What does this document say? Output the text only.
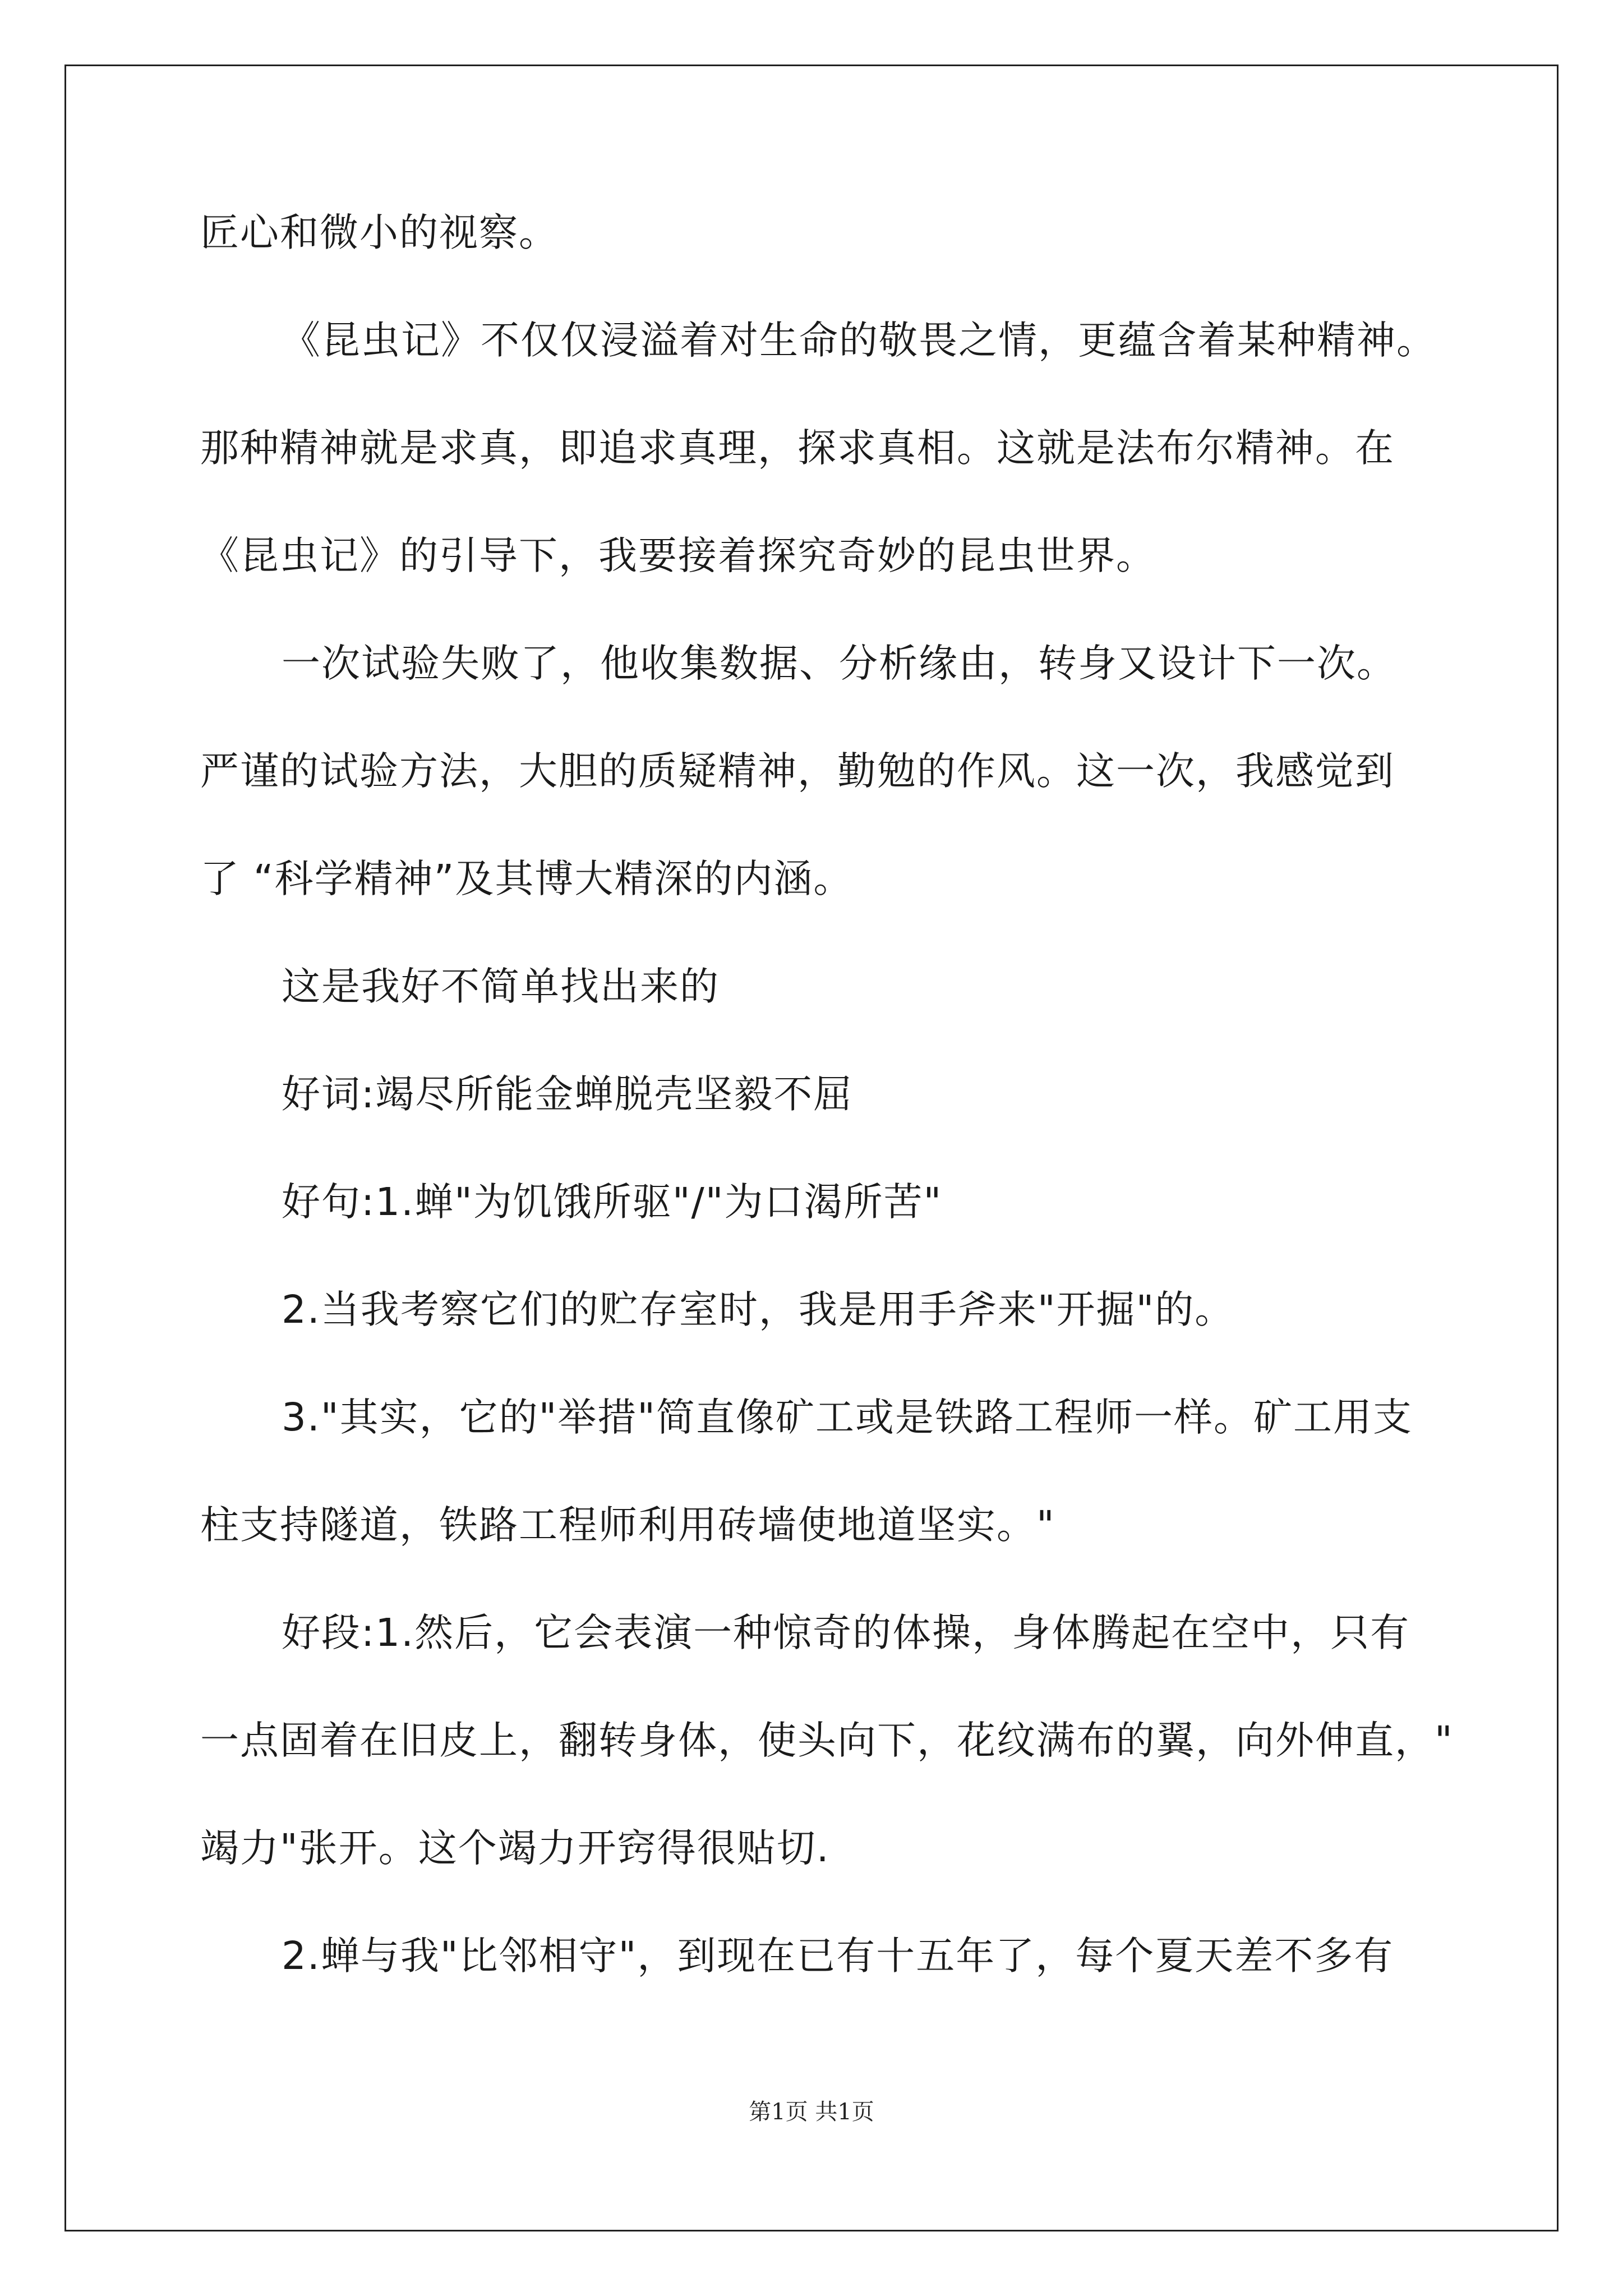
匠心和微小的视察。
《昆虫记》不仅仅浸溢着对生命的敬畏之情，更蕴含着某种精神。
那种精神就是求真，即追求真理，探求真相。这就是法布尔精神。在
《昆虫记》的引导下，我要接着探究奇妙的昆虫世界。
一次试验失败了，他收集数据、分析缘由，转身又设计下一次。
严谨的试验方法，大胆的质疑精神，勤勉的作风。这一次，我感觉到
了 “科学精神”及其博大精深的内涵。
这是我好不简单找出来的
好词:竭尽所能金蝉脱壳坚毅不屈
好句:1.蝉"为饥饿所驱"/"为口渴所苦"
2.当我考察它们的贮存室时，我是用手斧来"开掘"的。
3."其实，它的"举措"简直像矿工或是铁路工程师一样。矿工用支
柱支持隧道，铁路工程师利用砖墙使地道坚实。"
好段:1.然后，它会表演一种惊奇的体操，身体腾起在空中，只有
一点固着在旧皮上，翻转身体，使头向下，花纹满布的翼，向外伸直，"
竭力"张开。这个竭力开窍得很贴切.
2.蝉与我"比邻相守"，到现在已有十五年了，每个夏天差不多有
第1页 共1页
